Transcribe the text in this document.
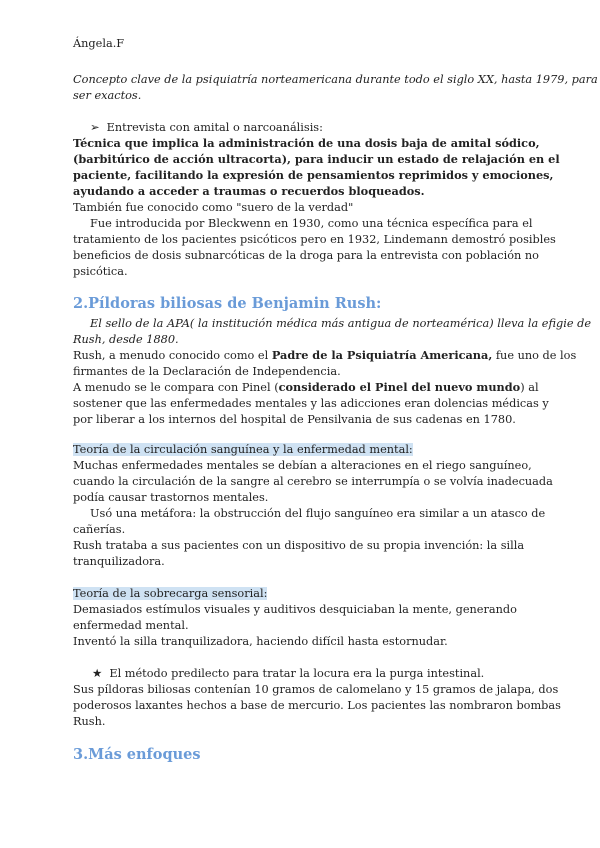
Ángela.F
Concepto clave de la psiquiatría norteamericana durante todo el siglo XX, hasta 1979, para
ser exactos.
➢ Entrevista con amital o narcoanálisis:
Técnica que implica la administración de una dosis baja de amital sódico,
(barbitúrico de acción ultracorta), para inducir un estado de relajación en el
paciente, facilitando la expresión de pensamientos reprimidos y emociones,
ayudando a acceder a traumas o recuerdos bloqueados.
También fue conocido como "suero de la verdad"
Fue introducida por Bleckwenn en 1930, como una técnica específica para el
tratamiento de los pacientes psicóticos pero en 1932, Lindemann demostró posibles
beneficios de dosis subnarcóticas de la droga para la entrevista con población no
psicótica.
2.Píldoras biliosas de Benjamin Rush:
El sello de la APA( la institución médica más antigua de norteamérica) lleva la efigie de
Rush, desde 1880.
Rush, a menudo conocido como el Padre de la Psiquiatría Americana, fue uno de los
firmantes de la Declaración de Independencia.
A menudo se le compara con Pinel (considerado el Pinel del nuevo mundo) al
sostener que las enfermedades mentales y las adicciones eran dolencias médicas y
por liberar a los internos del hospital de Pensilvania de sus cadenas en 1780.
Teoría de la circulación sanguínea y la enfermedad mental:
Muchas enfermedades mentales se debían a alteraciones en el riego sanguíneo,
cuando la circulación de la sangre al cerebro se interrumpía o se volvía inadecuada
podía causar trastornos mentales.
Usó una metáfora: la obstrucción del flujo sanguíneo era similar a un atasco de
cañerías.
Rush trataba a sus pacientes con un dispositivo de su propia invención: la silla
tranquilizadora.
Teoría de la sobrecarga sensorial:
Demasiados estímulos visuales y auditivos desquiciaban la mente, generando
enfermedad mental.
Inventó la silla tranquilizadora, haciendo difícil hasta estornudar.
★ El método predilecto para tratar la locura era la purga intestinal.
Sus píldoras biliosas contenían 10 gramos de calomelano y 15 gramos de jalapa, dos
poderosos laxantes hechos a base de mercurio. Los pacientes las nombraron bombas
Rush.
3.Más enfoques
